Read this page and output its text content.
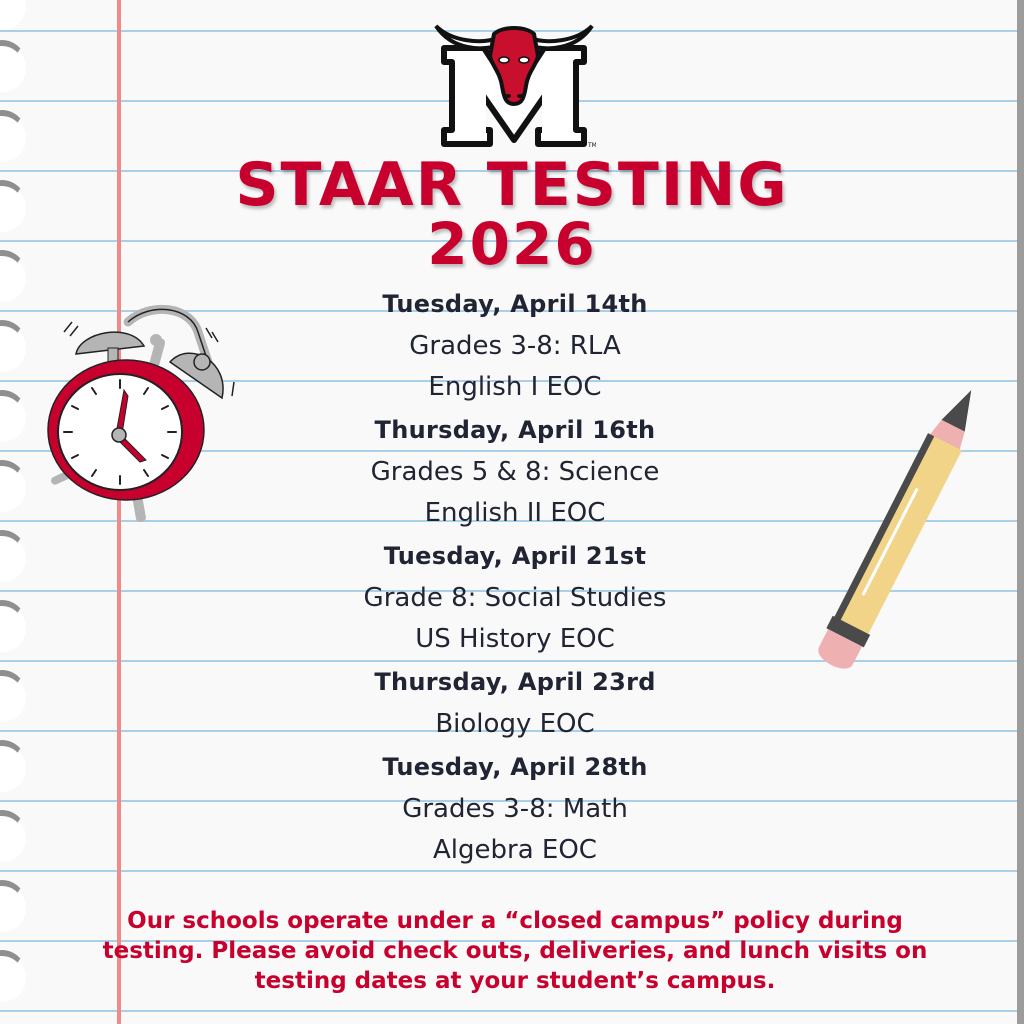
TM
STAAR TESTING
2026
Tuesday, April 14th
Grades 3-8: RLA
English I EOC
Thursday, April 16th
Grades 5 & 8: Science
English II EOC
Tuesday, April 21st
Grade 8: Social Studies
US History EOC
Thursday, April 23rd
Biology EOC
Tuesday, April 28th
Grades 3-8: Math
Algebra EOC
Our schools operate under a “closed campus” policy during
testing. Please avoid check outs, deliveries, and lunch visits on
testing dates at your student’s campus.
